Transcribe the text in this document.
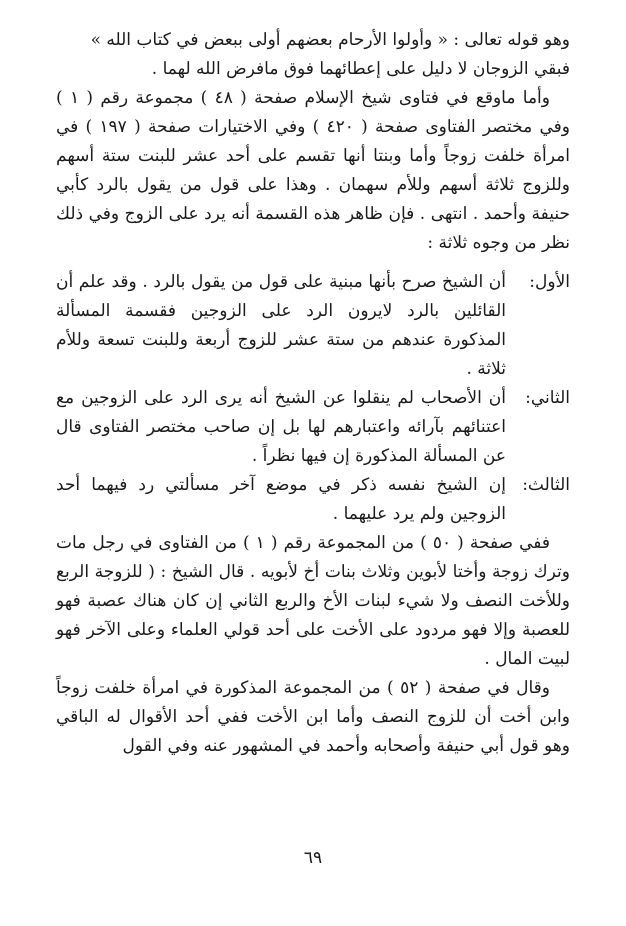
وهو قوله تعالى : « وأولوا الأرحام بعضهم أولى ببعض في كتاب الله »

فبقي الزوجان لا دليل على إعطائهما فوق مافرض الله لهما .

وأما ماوقع في فتاوى شيخ الإسلام صفحة ( ٤٨ ) مجموعة رقم ( ١ ) وفي مختصر الفتاوى صفحة ( ٤٢٠ ) وفي الاختيارات صفحة ( ١٩٧ ) في امرأة خلفت زوجاً وأما وبنتا أنها تقسم على أحد عشر للبنت ستة أسهم وللزوج ثلاثة أسهم وللأم سهمان . وهذا على قول من يقول بالرد كأبي حنيفة وأحمد . انتهى . فإن ظاهر هذه القسمة أنه يرد على الزوج وفي ذلك نظر من وجوه ثلاثة :

الأول:
أن الشيخ صرح بأنها مبنية على قول من يقول بالرد . وقد علم أن القائلين بالرد لايرون الرد على الزوجين فقسمة المسألة المذكورة عندهم من ستة عشر للزوج أربعة وللبنت تسعة وللأم ثلاثة .
الثاني:
أن الأصحاب لم ينقلوا عن الشيخ أنه يرى الرد على الزوجين مع اعتنائهم بآرائه واعتبارهم لها بل إن صاحب مختصر الفتاوى قال عن المسألة المذكورة إن فيها نظراً .
الثالث:
إن الشيخ نفسه ذكر في موضع آخر مسألتي رد فيهما أحد الزوجين ولم يرد عليهما .

ففي صفحة ( ٥٠ ) من المجموعة رقم ( ١ ) من الفتاوى في رجل مات وترك زوجة وأختا لأبوين وثلاث بنات أخ لأبويه . قال الشيخ : ( للزوجة الربع وللأخت النصف ولا شيء لبنات الأخ والربع الثاني إن كان هناك عصبة فهو للعصبة وإلا فهو مردود على الأخت على أحد قولي العلماء وعلى الآخر فهو لبيت المال .

وقال في صفحة ( ٥٢ ) من المجموعة المذكورة في امرأة خلفت زوجاً وابن أخت أن للزوج النصف وأما ابن الأخت ففي أحد الأقوال له الباقي وهو قول أبي حنيفة وأصحابه وأحمد في المشهور عنه وفي القول

٦٩
